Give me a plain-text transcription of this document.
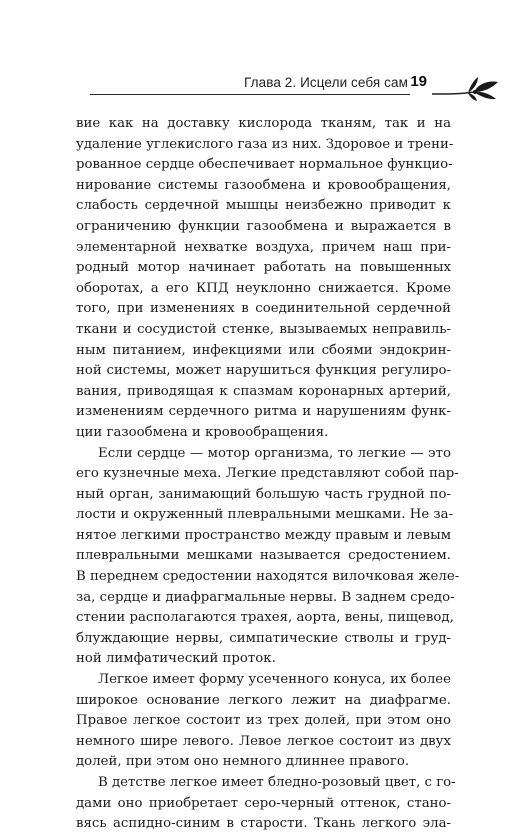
Глава 2. Исцели себя сам 19

вие как на доставку кислорода тканям, так и на
удаление углекислого газа из них. Здоровое и трени-
рованное сердце обеспечивает нормальное функцио-
нирование системы газообмена и кровообращения,
слабость сердечной мышцы неизбежно приводит к
ограничению функции газообмена и выражается в
элементарной нехватке воздуха, причем наш при-
родный мотор начинает работать на повышенных
оборотах, а его КПД неуклонно снижается. Кроме
того, при изменениях в соединительной сердечной
ткани и сосудистой стенке, вызываемых неправиль-
ным питанием, инфекциями или сбоями эндокрин-
ной системы, может нарушиться функция регулиро-
вания, приводящая к спазмам коронарных артерий,
изменениям сердечного ритма и нарушениям функ-
ции газообмена и кровообращения.

Если сердце — мотор организма, то легкие — это
его кузнечные меха. Легкие представляют собой пар-
ный орган, занимающий большую часть грудной по-
лости и окруженный плевральными мешками. Не за-
нятое легкими пространство между правым и левым
плевральными мешками называется средостением.
В переднем средостении находятся вилочковая желе-
за, сердце и диафрагмальные нервы. В заднем средо-
стении располагаются трахея, аорта, вены, пищевод,
блуждающие нервы, симпатические стволы и груд-
ной лимфатический проток.

Легкое имеет форму усеченного конуса, их более
широкое основание легкого лежит на диафрагме.
Правое легкое состоит из трех долей, при этом оно
немного шире левого. Левое легкое состоит из двух
долей, при этом оно немного длиннее правого.

В детстве легкое имеет бледно-розовый цвет, с го-
дами оно приобретает серо-черный оттенок, стано-
вясь аспидно-синим в старости. Ткань легкого эла-
